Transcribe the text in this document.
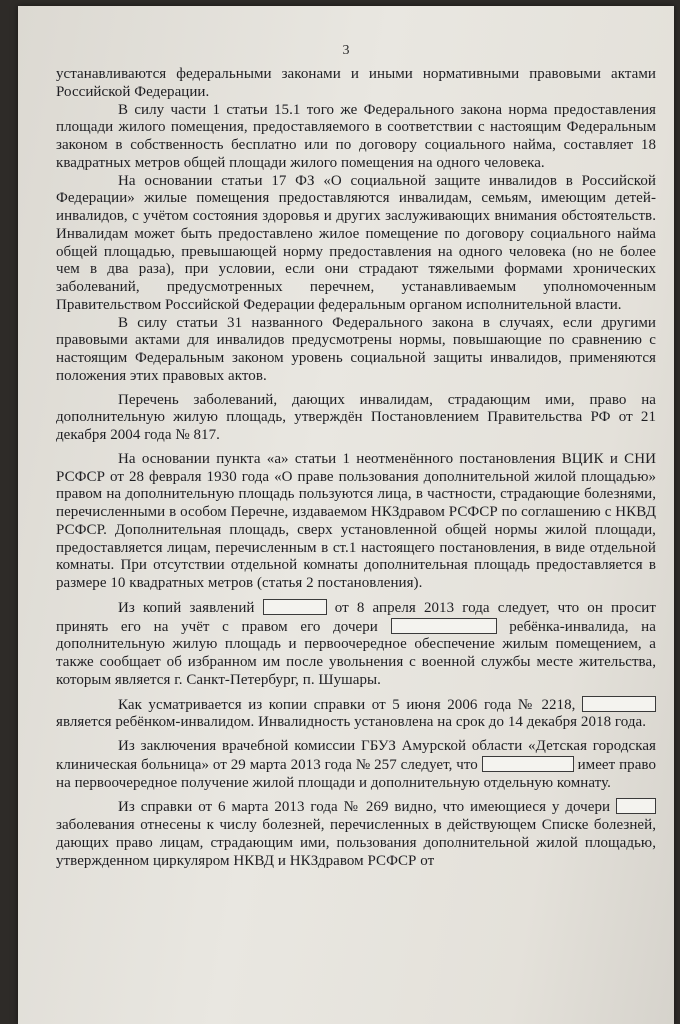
3

устанавливаются федеральными законами и иными нормативными правовыми актами Российской Федерации.

В силу части 1 статьи 15.1 того же Федерального закона норма предоставления площади жилого помещения, предоставляемого в соответствии с настоящим Федеральным законом в собственность бесплатно или по договору социального найма, составляет 18 квадратных метров общей площади жилого помещения на одного человека.

На основании статьи 17 ФЗ «О социальной защите инвалидов в Российской Федерации» жилые помещения предоставляются инвалидам, семьям, имеющим детей-инвалидов, с учётом состояния здоровья и других заслуживающих внимания обстоятельств. Инвалидам может быть предоставлено жилое помещение по договору социального найма общей площадью, превышающей норму предоставления на одного человека (но не более чем в два раза), при условии, если они страдают тяжелыми формами хронических заболеваний, предусмотренных перечнем, устанавливаемым уполномоченным Правительством Российской Федерации федеральным органом исполнительной власти.

В силу статьи 31 названного Федерального закона в случаях, если другими правовыми актами для инвалидов предусмотрены нормы, повышающие по сравнению с настоящим Федеральным законом уровень социальной защиты инвалидов, применяются положения этих правовых актов.

Перечень заболеваний, дающих инвалидам, страдающим ими, право на дополнительную жилую площадь, утверждён Постановлением Правительства РФ от 21 декабря 2004 года № 817.

На основании пункта «а» статьи 1 неотменённого постановления ВЦИК и СНИ РСФСР от 28 февраля 1930 года «О праве пользования дополнительной жилой площадью» правом на дополнительную площадь пользуются лица, в частности, страдающие болезнями, перечисленными в особом Перечне, издаваемом НКЗдравом РСФСР по соглашению с НКВД РСФСР. Дополнительная площадь, сверх установленной общей нормы жилой площади, предоставляется лицам, перечисленным в ст.1 настоящего постановления, в виде отдельной комнаты. При отсутствии отдельной комнаты дополнительная площадь предоставляется в размере 10 квадратных метров (статья 2 постановления).

Из копий заявлений	от 8 апреля 2013 года следует, что он просит принять его на учёт с правом его дочери	ребёнка-инвалида, на дополнительную жилую площадь и первоочередное обеспечение жилым помещением, а также сообщает об избранном им после увольнения с военной службы месте жительства, которым является г. Санкт-Петербург, п. Шушары.

Как усматривается из копии справки от 5 июня 2006 года № 2218,  является ребёнком-инвалидом. Инвалидность установлена на срок до 14 декабря 2018 года.

Из заключения врачебной комиссии ГБУЗ Амурской области «Детская городская клиническая больница» от 29 марта 2013 года № 257 следует, что	имеет право на первоочередное получение жилой площади и дополнительную отдельную комнату.

Из справки от 6 марта 2013 года № 269 видно, что имеющиеся у дочери  заболевания отнесены к числу болезней, перечисленных в действующем Списке болезней, дающих право лицам, страдающим ими, пользования дополнительной жилой площадью, утвержденном циркуляром НКВД и НКЗдравом РСФСР от
